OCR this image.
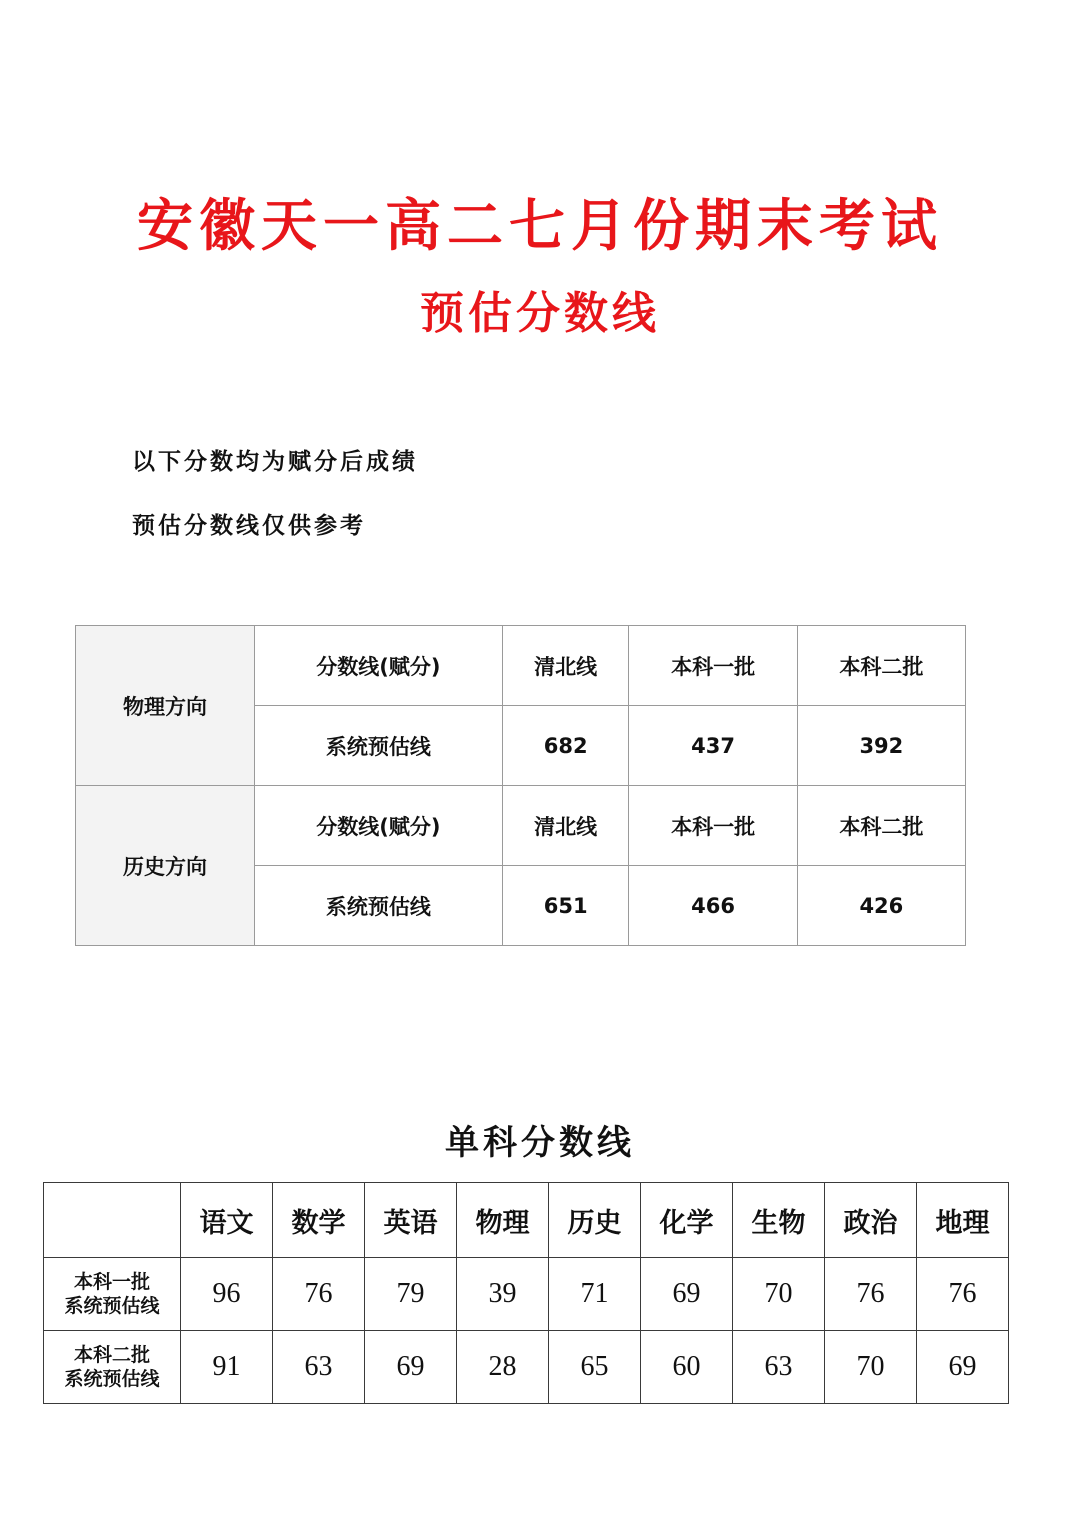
安徽天一高二七月份期末考试
预估分数线

以下分数均为赋分后成绩

预估分数线仅供参考

物理方向	分数线(赋分)	清北线	本科一批	本科二批
	系统预估线	682	437	392
历史方向	分数线(赋分)	清北线	本科一批	本科二批
	系统预估线	651	466	426
单科分数线
	语文	数学	英语	物理	历史	化学	生物	政治	地理

本科一批
系统预估线	96	76	79	39	71	69	70	76	76

本科二批
系统预估线	91	63	69	28	65	60	63	70	69
